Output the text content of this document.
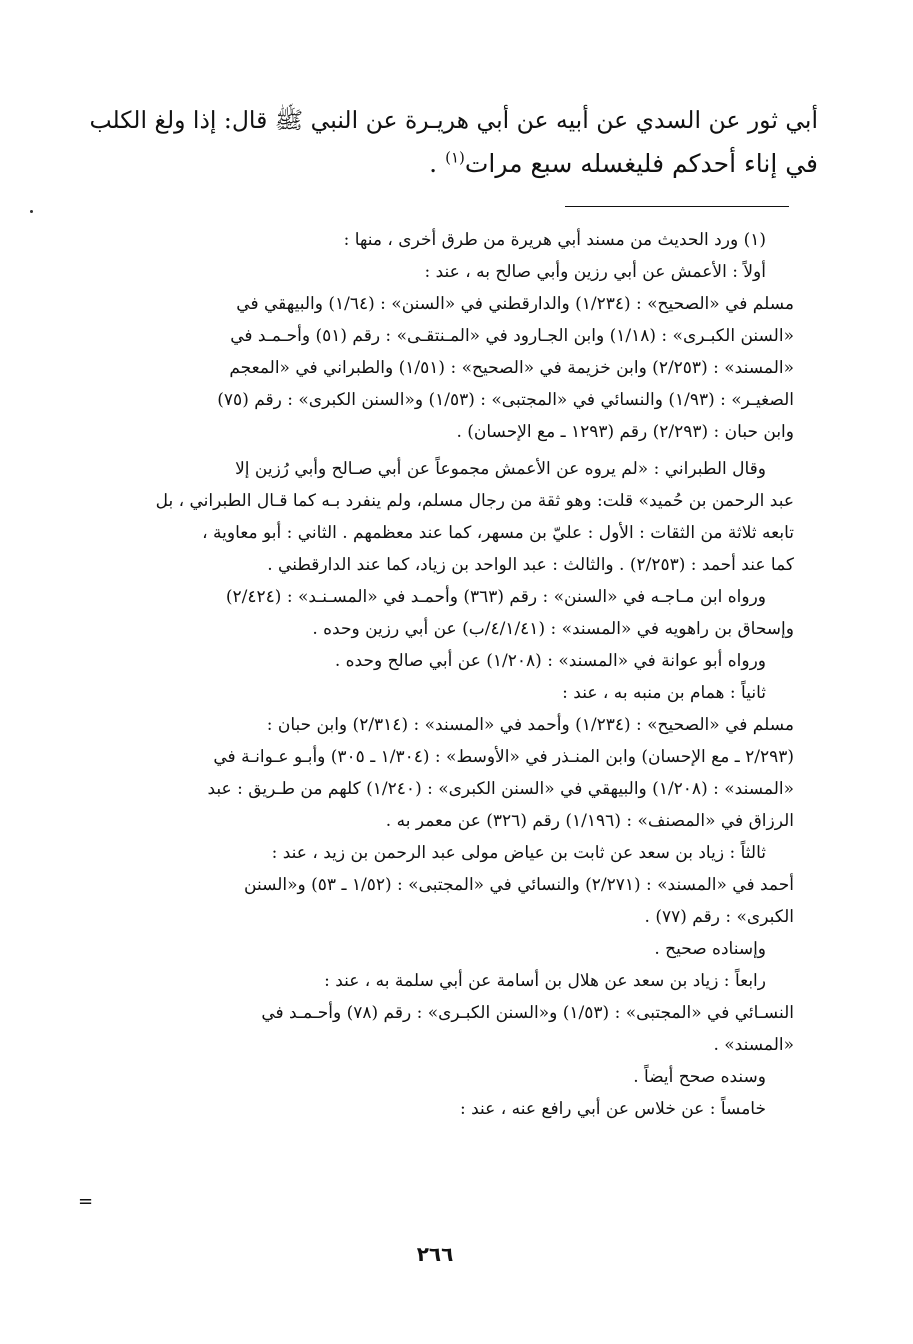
أبي ثور عن السدي عن أبيه عن أبي هريـرة عن النبي ﷺ قال: إذا ولغ الكلب
في إناء أحدكم فليغسله سبع مرات$^{(١)}$ .
(١) ورد الحديث من مسند أبي هريرة من طرق أخرى ، منها :
أولاً : الأعمش عن أبي رزين وأبي صالح به ، عند :
مسلم في «الصحيح» : (١/٢٣٤) والدارقطني في «السنن» : (١/٦٤) والبيهقي في
«السنن الكبـرى» : (١/١٨) وابن الجـارود في «المـنتقـى» : رقم (٥١) وأحـمـد في
«المسند» : (٢/٢٥٣) وابن خزيمة في «الصحيح» : (١/٥١) والطبراني في «المعجم
الصغيـر» : (١/٩٣) والنسائي في «المجتبى» : (١/٥٣) و«السنن الكبرى» : رقم (٧٥)
وابن حبان : (٢/٢٩٣) رقم (١٢٩٣ ـ مع الإحسان) .
وقال الطبراني : «لم يروه عن الأعمش مجموعاً عن أبي صـالح وأبي رُزين إلا
عبد الرحمن بن حُميد» قلت: وهو ثقة من رجال مسلم، ولم ينفرد بـه كما قـال الطبراني ، بل
تابعه ثلاثة من الثقات : الأول : عليّ بن مسهر، كما عند معظمهم . الثاني : أبو معاوية ،
كما عند أحمد : (٢/٢٥٣) . والثالث : عبد الواحد بن زياد، كما عند الدارقطني .
ورواه ابن مـاجـه في «السنن» : رقم (٣٦٣) وأحمـد في «المسـنـد» : (٢/٤٢٤)
وإسحاق بن راهويه في «المسند» : (٤/١/٤١/ب) عن أبي رزين وحده .
ورواه أبو عوانة في «المسند» : (١/٢٠٨) عن أبي صالح وحده .
ثانياً : همام بن منبه به ، عند :
مسلم في «الصحيح» : (١/٢٣٤) وأحمد في «المسند» : (٢/٣١٤) وابن حبان :
(٢/٢٩٣ ـ مع الإحسان) وابن المنـذر في «الأوسط» : (١/٣٠٤ ـ ٣٠٥) وأبـو عـوانـة في
«المسند» : (١/٢٠٨) والبيهقي في «السنن الكبرى» : (١/٢٤٠) كلهم من طـريق : عبد
الرزاق في «المصنف» : (١/١٩٦) رقم (٣٢٦) عن معمر به .
ثالثاً : زياد بن سعد عن ثابت بن عياض مولى عبد الرحمن بن زيد ، عند :
أحمد في «المسند» : (٢/٢٧١) والنسائي في «المجتبى» : (١/٥٢ ـ ٥٣) و«السنن
الكبرى» : رقم (٧٧) .
وإسناده صحيح .
رابعاً : زياد بن سعد عن هلال بن أسامة عن أبي سلمة به ، عند :
النسـائي في «المجتبى» : (١/٥٣) و«السنن الكبـرى» : رقم (٧٨) وأحـمـد في
«المسند» .
وسنده صحح أيضاً .
خامساً : عن خلاس عن أبي رافع عنه ، عند :
٢٦٦
=
